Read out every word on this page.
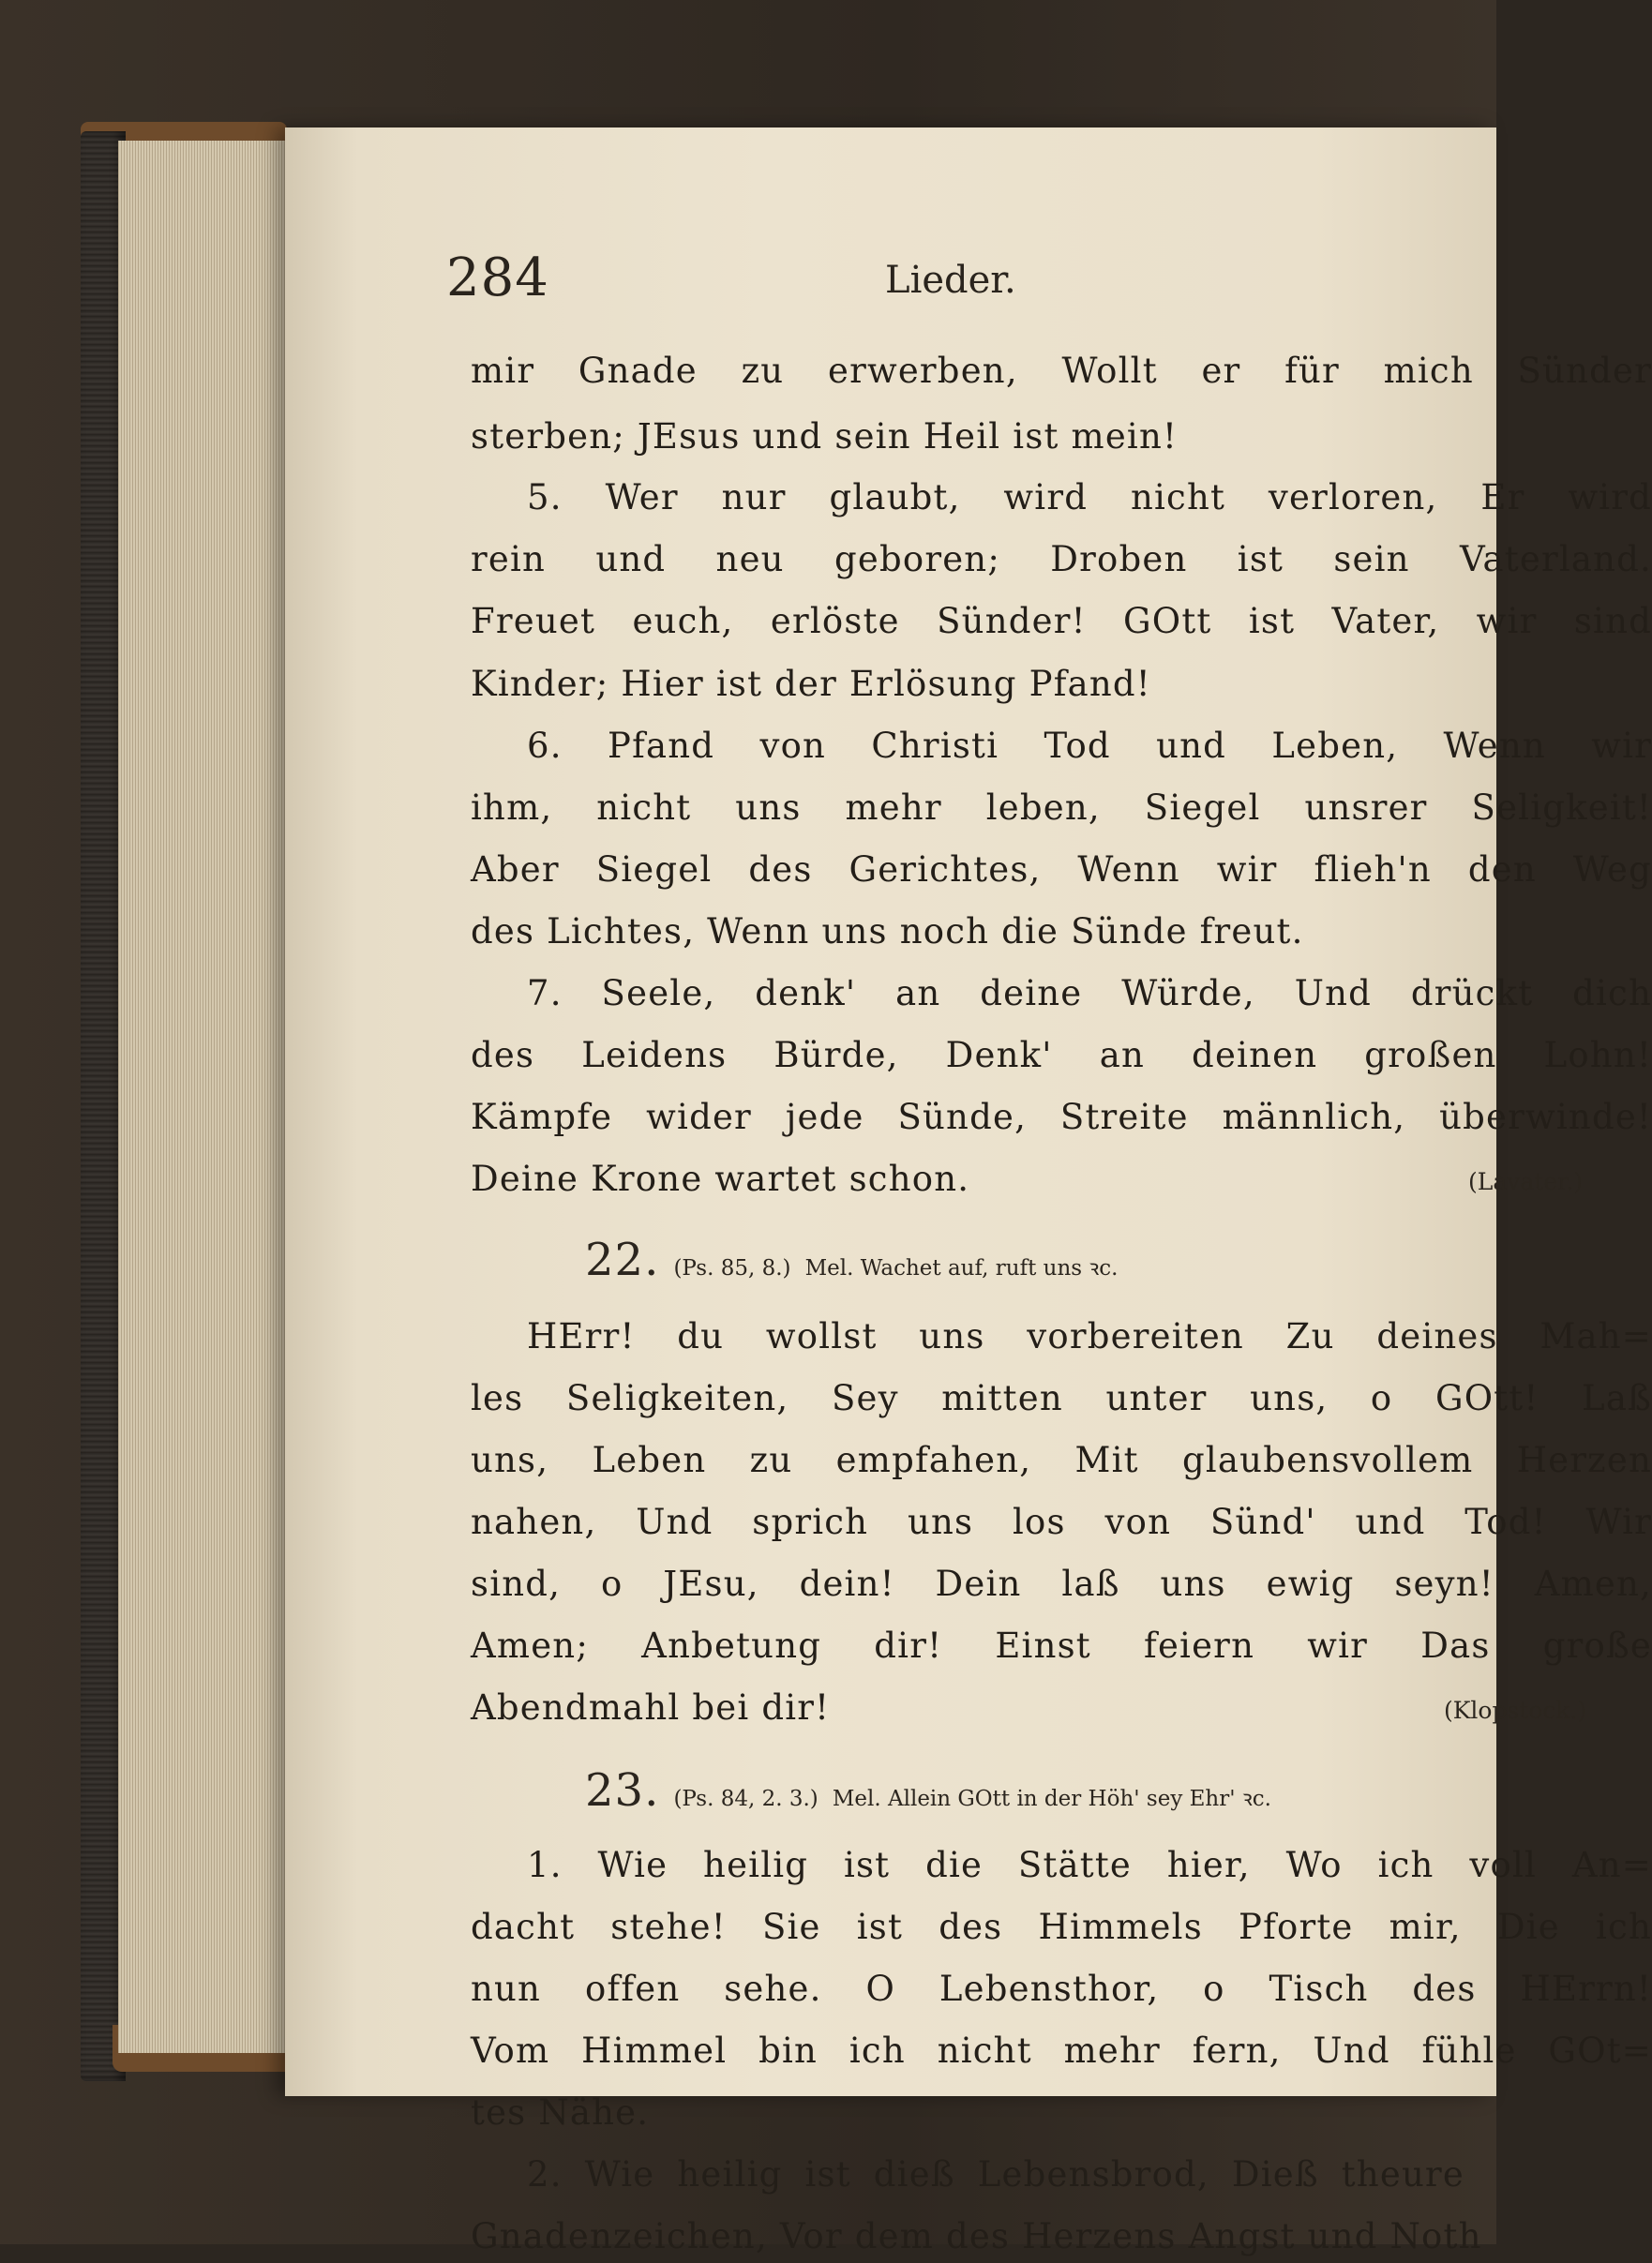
284	Lieder.
mir Gnade zu erwerben, Wollt er für mich Sünder
sterben; JEsus und sein Heil ist mein!
5. Wer nur glaubt, wird nicht verloren, Er wird
rein und neu geboren; Droben ist sein Vaterland.
Freuet euch, erlöste Sünder! GOtt ist Vater, wir sind
Kinder; Hier ist der Erlösung Pfand!
6. Pfand von Christi Tod und Leben, Wenn wir
ihm, nicht uns mehr leben, Siegel unsrer Seligkeit!
Aber Siegel des Gerichtes, Wenn wir flieh'n den Weg
des Lichtes, Wenn uns noch die Sünde freut.
7. Seele, denk' an deine Würde, Und drückt dich
des Leidens Bürde, Denk' an deinen großen Lohn!
Kämpfe wider jede Sünde, Streite männlich, überwinde!
Deine Krone wartet schon.	(Lavater.)
22. (Ps. 85, 8.) Mel. Wachet auf, ruft uns ꝛc.
HErr! du wollst uns vorbereiten Zu deines Mah=
les Seligkeiten, Sey mitten unter uns, o GOtt! Laß
uns, Leben zu empfahen, Mit glaubensvollem Herzen
nahen, Und sprich uns los von Sünd' und Tod! Wir
sind, o JEsu, dein! Dein laß uns ewig seyn! Amen,
Amen; Anbetung dir! Einst feiern wir Das große
Abendmahl bei dir!	(Klopstock.)
23. (Ps. 84, 2. 3.) Mel. Allein GOtt in der Höh' sey Ehr' ꝛc.
1. Wie heilig ist die Stätte hier, Wo ich voll An=
dacht stehe! Sie ist des Himmels Pforte mir, Die ich
nun offen sehe. O Lebensthor, o Tisch des HErrn!
Vom Himmel bin ich nicht mehr fern, Und fühle GOt=
tes Nähe.
2. Wie heilig ist dieß Lebensbrod, Dieß theure
Gnadenzeichen, Vor dem des Herzens Angst und Noth
